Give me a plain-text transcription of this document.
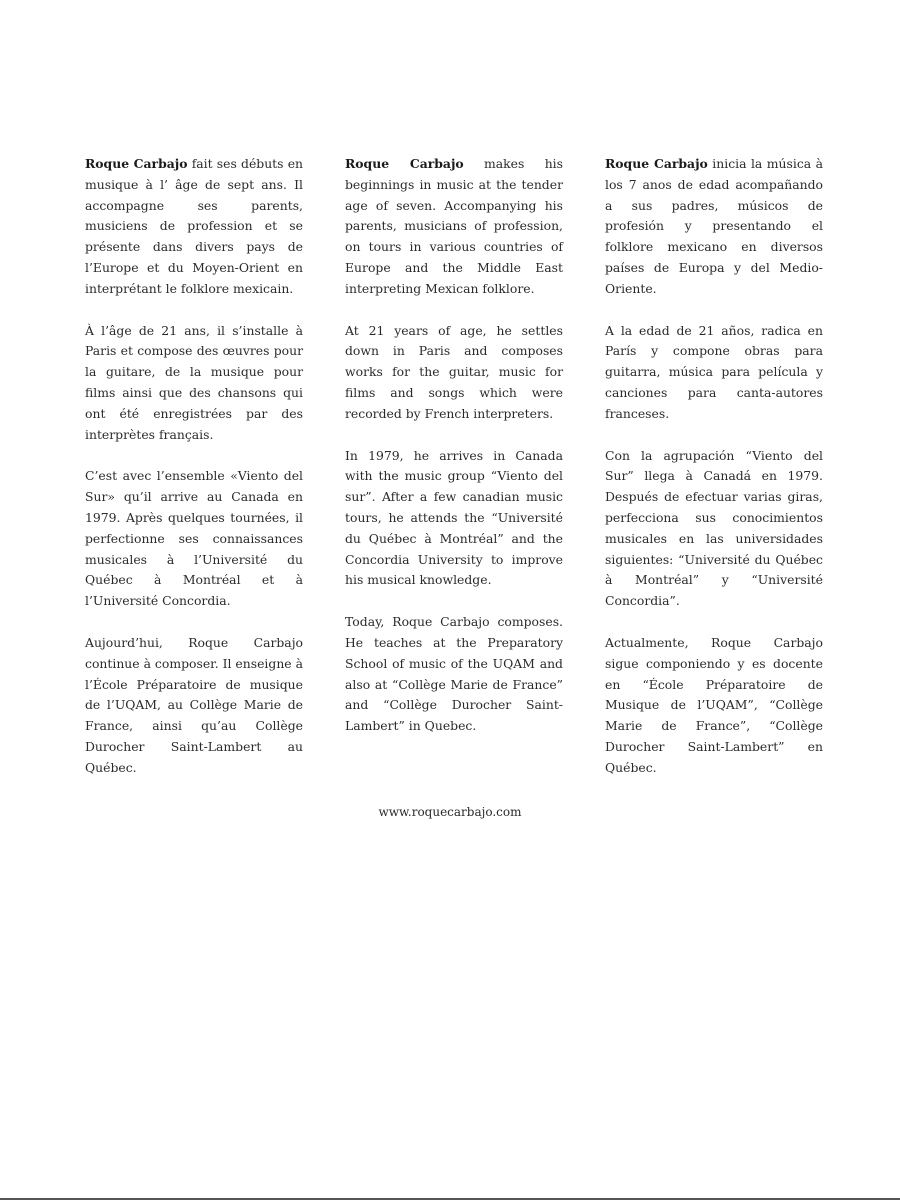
Roque Carbajo fait ses débuts en musique à l’ âge de sept ans. Il accompagne ses parents, musiciens de profession et se présente dans divers pays de l’Europe et du Moyen-Orient en interprétant le folklore mexicain.

À l’âge de 21 ans, il s’installe à Paris et compose des œuvres pour la guitare, de la musique pour films ainsi que des chansons qui ont été enregistrées par des interprètes français.

C’est avec l’ensemble «Viento del Sur» qu’il arrive au Canada en 1979. Après quelques tournées, il perfectionne ses connaissances musicales à l’Université du Québec à Montréal et à l’Université Concordia.

Aujourd’hui, Roque Carbajo continue à composer. Il enseigne à l’École Préparatoire de musique de l’UQAM, au Collège Marie de France, ainsi qu’au Collège Durocher Saint-Lambert au Québec.

Roque Carbajo makes his beginnings in music at the tender age of seven. Accompanying his parents, musicians of profession, on tours in various countries of Europe and the Middle East interpreting Mexican folklore.

At 21 years of age, he settles down in Paris and composes works for the guitar, music for films and songs which were recorded by French interpreters.

In 1979, he arrives in Canada with the music group “Viento del sur”. After a few canadian music tours, he attends the “Université du Québec à Montréal” and the Concordia University to improve his musical knowledge.

Today, Roque Carbajo composes. He teaches at the Preparatory School of music of the UQAM and also at “Collège Marie de France” and “Collège Durocher Saint-Lambert” in Quebec.

Roque Carbajo inicia la música à los 7 anos de edad acompañando a sus padres, músicos de profesión y presentando el folklore mexicano en diversos países de Europa y del Medio-Oriente.

A la edad de 21 años, radica en París y compone obras para guitarra, música para película y canciones para canta-autores franceses.

Con la agrupación “Viento del Sur” llega à Canadá en 1979. Después de efectuar varias giras, perfecciona sus conocimientos musicales en las universidades siguientes: “Université du Québec à Montréal” y “Université Concordia”.

Actualmente, Roque Carbajo sigue componiendo y es docente en “École Préparatoire de Musique de l’UQAM”, “Collège Marie de France”, “Collège Durocher Saint-Lambert” en Québec.

www.roquecarbajo.com
